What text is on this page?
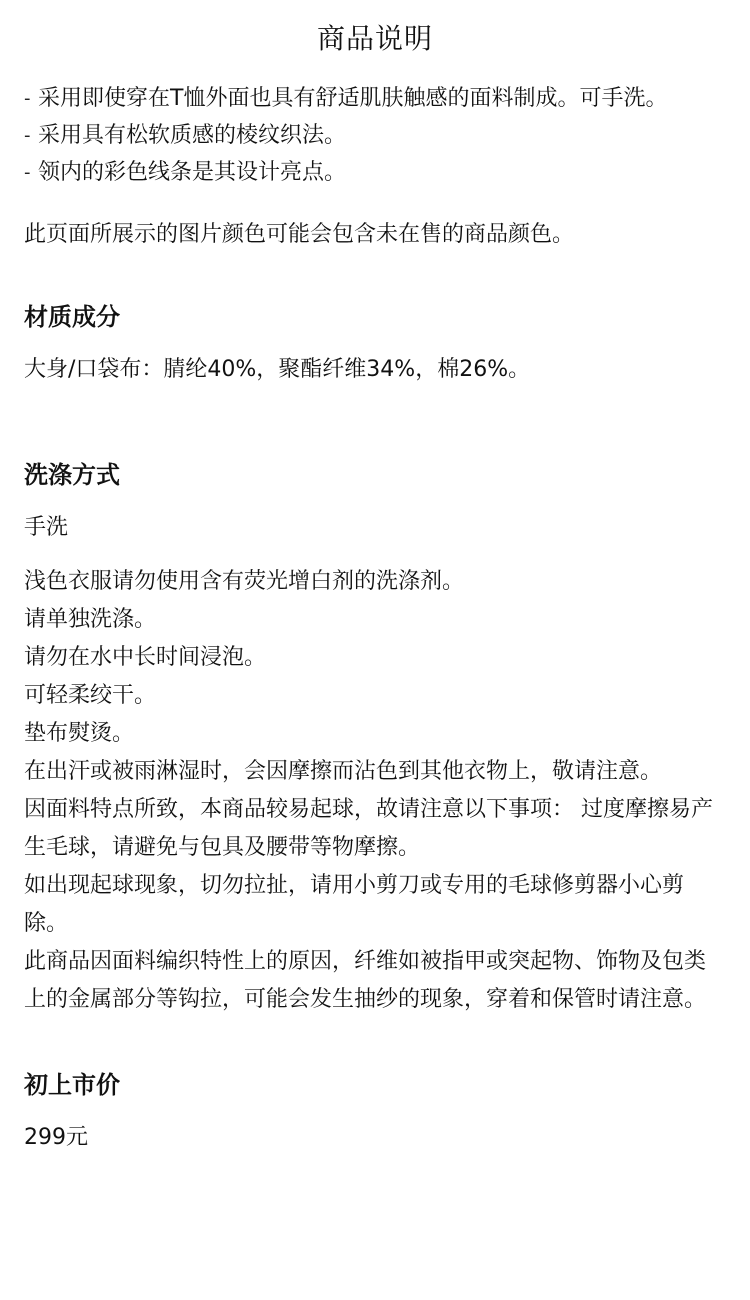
商品说明
- 采用即使穿在T恤外面也具有舒适肌肤触感的面料制成。可手洗。
- 采用具有松软质感的棱纹织法。
- 领内的彩色线条是其设计亮点。

此页面所展示的图片颜色可能会包含未在售的商品颜色。

材质成分

大身/口袋布：腈纶40%，聚酯纤维34%，棉26%。

洗涤方式

手洗

浅色衣服请勿使用含有荧光增白剂的洗涤剂。
请单独洗涤。
请勿在水中长时间浸泡。
可轻柔绞干。
垫布熨烫。
在出汗或被雨淋湿时，会因摩擦而沾色到其他衣物上，敬请注意。
因面料特点所致，本商品较易起球，故请注意以下事项： 过度摩擦易产生毛球，请避免与包具及腰带等物摩擦。
如出现起球现象，切勿拉扯，请用小剪刀或专用的毛球修剪器小心剪除。
此商品因面料编织特性上的原因，纤维如被指甲或突起物、饰物及包类上的金属部分等钩拉，可能会发生抽纱的现象，穿着和保管时请注意。
初上市价

299元
